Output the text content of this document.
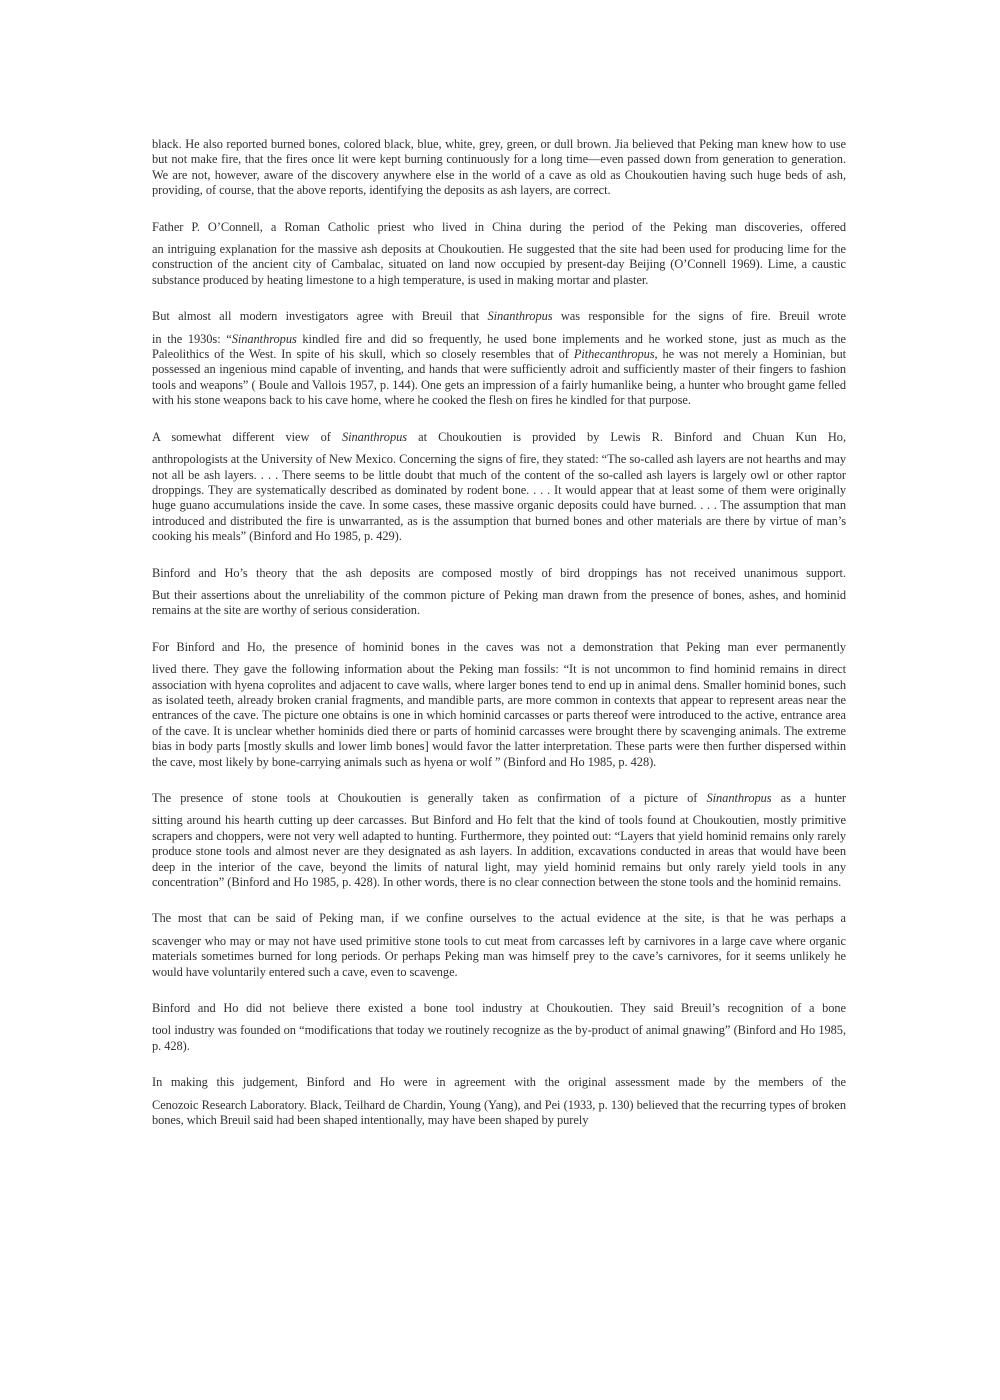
black. He also reported burned bones, colored black, blue, white, grey, green, or dull brown. Jia believed that Peking man knew how to use but not make fire, that the fires once lit were kept burning continuously for a long time—even passed down from generation to generation. We are not, however, aware of the discovery anywhere else in the world of a cave as old as Choukoutien having such huge beds of ash, providing, of course, that the above reports, identifying the deposits as ash layers, are correct.

Father P. O’Connell, a Roman Catholic priest who lived in China during the period of the Peking man discoveries, offered
an intriguing explanation for the massive ash deposits at Choukoutien. He suggested that the site had been used for producing lime for the construction of the ancient city of Cambalac, situated on land now occupied by present-day Beijing (O’Connell 1969). Lime, a caustic substance produced by heating limestone to a high temperature, is used in making mortar and plaster.

But almost all modern investigators agree with Breuil that Sinanthropus was responsible for the signs of fire. Breuil wrote
in the 1930s: “Sinanthropus kindled fire and did so frequently, he used bone implements and he worked stone, just as much as the Paleolithics of the West. In spite of his skull, which so closely resembles that of Pithecanthropus, he was not merely a Hominian, but possessed an ingenious mind capable of inventing, and hands that were sufficiently adroit and sufficiently master of their fingers to fashion tools and weapons” ( Boule and Vallois 1957, p. 144). One gets an impression of a fairly humanlike being, a hunter who brought game felled with his stone weapons back to his cave home, where he cooked the flesh on fires he kindled for that purpose.

A somewhat different view of Sinanthropus at Choukoutien is provided by Lewis R. Binford and Chuan Kun Ho,
anthropologists at the University of New Mexico. Concerning the signs of fire, they stated: “The so-called ash layers are not hearths and may not all be ash layers. . . . There seems to be little doubt that much of the content of the so-called ash layers is largely owl or other raptor droppings. They are systematically described as dominated by rodent bone. . . . It would appear that at least some of them were originally huge guano accumulations inside the cave. In some cases, these massive organic deposits could have burned. . . . The assumption that man introduced and distributed the fire is unwarranted, as is the assumption that burned bones and other materials are there by virtue of man’s cooking his meals” (Binford and Ho 1985, p. 429).

Binford and Ho’s theory that the ash deposits are composed mostly of bird droppings has not received unanimous support.
But their assertions about the unreliability of the common picture of Peking man drawn from the presence of bones, ashes, and hominid remains at the site are worthy of serious consideration.

For Binford and Ho, the presence of hominid bones in the caves was not a demonstration that Peking man ever permanently
lived there. They gave the following information about the Peking man fossils: “It is not uncommon to find hominid remains in direct association with hyena coprolites and adjacent to cave walls, where larger bones tend to end up in animal dens. Smaller hominid bones, such as isolated teeth, already broken cranial fragments, and mandible parts, are more common in contexts that appear to represent areas near the entrances of the cave. The picture one obtains is one in which hominid carcasses or parts thereof were introduced to the active, entrance area of the cave. It is unclear whether hominids died there or parts of hominid carcasses were brought there by scavenging animals. The extreme bias in body parts [mostly skulls and lower limb bones] would favor the latter interpretation. These parts were then further dispersed within the cave, most likely by bone-carrying animals such as hyena or wolf ” (Binford and Ho 1985, p. 428).

The presence of stone tools at Choukoutien is generally taken as confirmation of a picture of Sinanthropus as a hunter
sitting around his hearth cutting up deer carcasses. But Binford and Ho felt that the kind of tools found at Choukoutien, mostly primitive scrapers and choppers, were not very well adapted to hunting. Furthermore, they pointed out: “Layers that yield hominid remains only rarely produce stone tools and almost never are they designated as ash layers. In addition, excavations conducted in areas that would have been deep in the interior of the cave, beyond the limits of natural light, may yield hominid remains but only rarely yield tools in any concentration” (Binford and Ho 1985, p. 428). In other words, there is no clear connection between the stone tools and the hominid remains.

The most that can be said of Peking man, if we confine ourselves to the actual evidence at the site, is that he was perhaps a
scavenger who may or may not have used primitive stone tools to cut meat from carcasses left by carnivores in a large cave where organic materials sometimes burned for long periods. Or perhaps Peking man was himself prey to the cave’s carnivores, for it seems unlikely he would have voluntarily entered such a cave, even to scavenge.

Binford and Ho did not believe there existed a bone tool industry at Choukoutien. They said Breuil’s recognition of a bone
tool industry was founded on “modifications that today we routinely recognize as the by-product of animal gnawing” (Binford and Ho 1985, p. 428).

In making this judgement, Binford and Ho were in agreement with the original assessment made by the members of the
Cenozoic Research Laboratory. Black, Teilhard de Chardin, Young (Yang), and Pei (1933, p. 130) believed that the recurring types of broken bones, which Breuil said had been shaped intentionally, may have been shaped by purely
